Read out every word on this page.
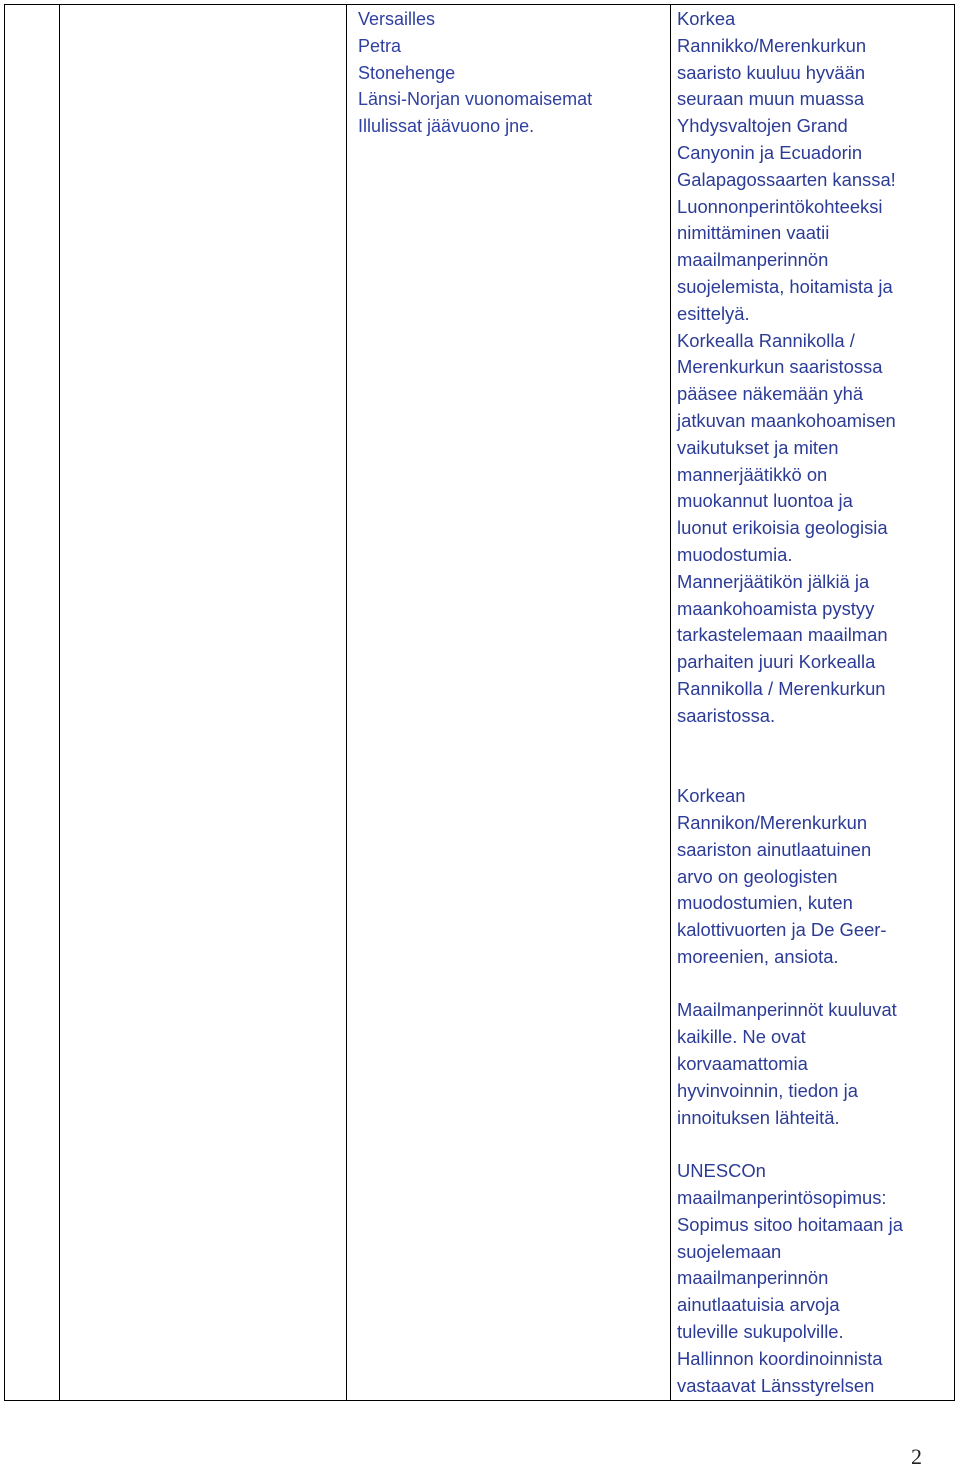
Versailles
Petra
Stonehenge
Länsi-Norjan vuonomaisemat
Illulissat jäävuono jne.

Korkea
Rannikko/Merenkurkun
saaristo kuuluu hyvään
seuraan muun muassa
Yhdysvaltojen Grand
Canyonin ja Ecuadorin
Galapagossaarten kanssa!
Luonnonperintökohteeksi
nimittäminen vaatii
maailmanperinnön
suojelemista, hoitamista ja
esittelyä.

Korkealla Rannikolla /
Merenkurkun saaristossa
pääsee näkemään yhä
jatkuvan maankohoamisen
vaikutukset ja miten
mannerjäätikkö on
muokannut luontoa ja
luonut erikoisia geologisia
muodostumia.

Mannerjäätikön jälkiä ja
maankohoamista pystyy
tarkastelemaan maailman
parhaiten juuri Korkealla
Rannikolla / Merenkurkun
saaristossa.

Korkean
Rannikon/Merenkurkun
saariston ainutlaatuinen
arvo on geologisten
muodostumien, kuten
kalottivuorten ja De Geer-
moreenien, ansiota.

Maailmanperinnöt kuuluvat
kaikille. Ne ovat
korvaamattomia
hyvinvoinnin, tiedon ja
innoituksen lähteitä.

UNESCOn
maailmanperintösopimus:
Sopimus sitoo hoitamaan ja
suojelemaan
maailmanperinnön
ainutlaatuisia arvoja
tuleville sukupolville.

Hallinnon koordinoinnista
vastaavat Länsstyrelsen

2
